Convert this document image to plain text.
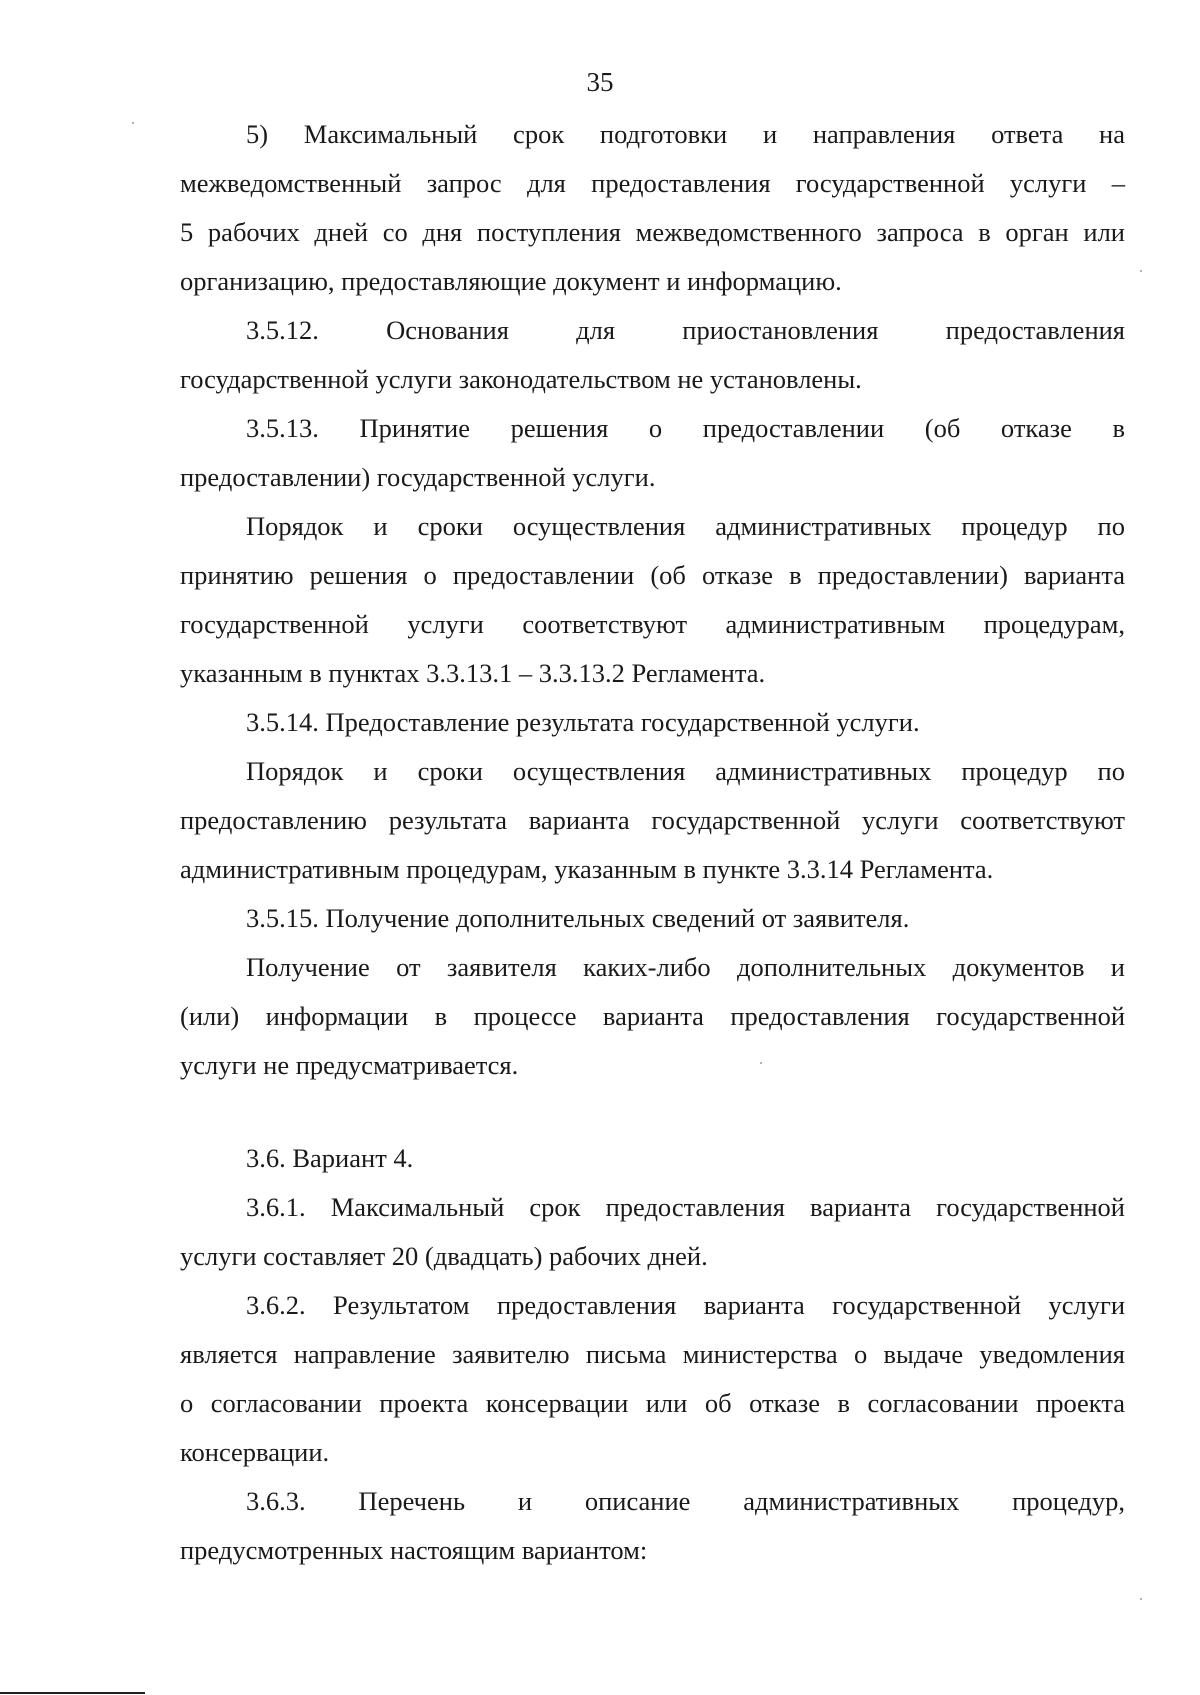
35
5) Максимальный срок подготовки и направления ответа на
межведомственный запрос для предоставления государственной услуги –
5 рабочих дней со дня поступления межведомственного запроса в орган или
организацию, предоставляющие документ и информацию.
3.5.12. Основания для приостановления предоставления
государственной услуги законодательством не установлены.
3.5.13. Принятие решения о предоставлении (об отказе в
предоставлении) государственной услуги.
Порядок и сроки осуществления административных процедур по
принятию решения о предоставлении (об отказе в предоставлении) варианта
государственной услуги соответствуют административным процедурам,
указанным в пунктах 3.3.13.1 – 3.3.13.2 Регламента.
3.5.14. Предоставление результата государственной услуги.
Порядок и сроки осуществления административных процедур по
предоставлению результата варианта государственной услуги соответствуют
административным процедурам, указанным в пункте 3.3.14 Регламента.
3.5.15. Получение дополнительных сведений от заявителя.
Получение от заявителя каких-либо дополнительных документов и
(или) информации в процессе варианта предоставления государственной
услуги не предусматривается.
3.6. Вариант 4.
3.6.1. Максимальный срок предоставления варианта государственной
услуги составляет 20 (двадцать) рабочих дней.
3.6.2. Результатом предоставления варианта государственной услуги
является направление заявителю письма министерства о выдаче уведомления
о согласовании проекта консервации или об отказе в согласовании проекта
консервации.
3.6.3. Перечень и описание административных процедур,
предусмотренных настоящим вариантом:
